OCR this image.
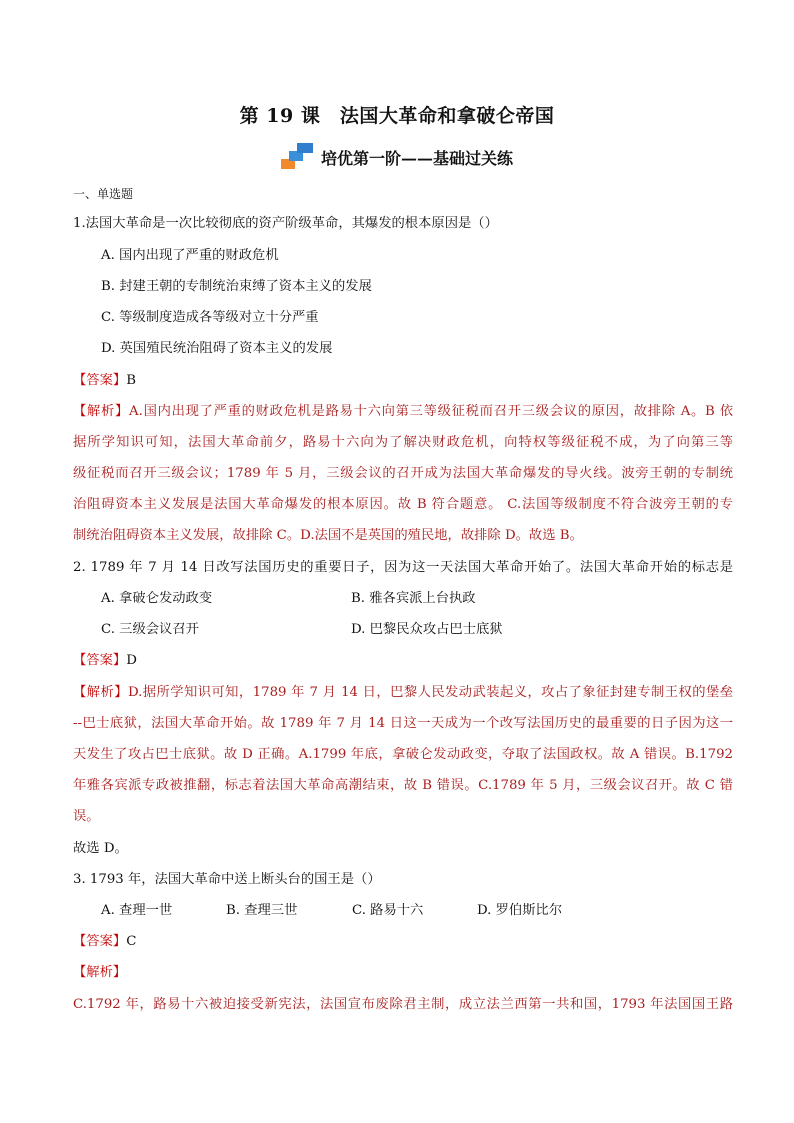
第 19 课　法国大革命和拿破仑帝国
培优第一阶——基础过关练
一、单选题
1.法国大革命是一次比较彻底的资产阶级革命，其爆发的根本原因是（）
A. 国内出现了严重的财政危机
B. 封建王朝的专制统治束缚了资本主义的发展
C. 等级制度造成各等级对立十分严重
D. 英国殖民统治阻碍了资本主义的发展
【答案】B
【解析】A.国内出现了严重的财政危机是路易十六向第三等级征税而召开三级会议的原因，故排除 A。B 依
据所学知识可知，法国大革命前夕，路易十六向为了解决财政危机，向特权等级征税不成，为了向第三等
级征税而召开三级会议；1789 年 5 月，三级会议的召开成为法国大革命爆发的导火线。波旁王朝的专制统
治阻碍资本主义发展是法国大革命爆发的根本原因。故 B 符合题意。 C.法国等级制度不符合波旁王朝的专
制统治阻碍资本主义发展，故排除 C。D.法国不是英国的殖民地，故排除 D。故选 B。
2. 1789 年 7 月 14 日改写法国历史的重要日子，因为这一天法国大革命开始了。法国大革命开始的标志是
A. 拿破仑发动政变	B. 雅各宾派上台执政
C. 三级会议召开	D. 巴黎民众攻占巴士底狱
【答案】D
【解析】D.据所学知识可知，1789 年 7 月 14 日，巴黎人民发动武装起义，攻占了象征封建专制王权的堡垒
--巴士底狱，法国大革命开始。故 1789 年 7 月 14 日这一天成为一个改写法国历史的最重要的日子因为这一
天发生了攻占巴士底狱。故 D 正确。A.1799 年底，拿破仑发动政变，夺取了法国政权。故 A 错误。B.1792
年雅各宾派专政被推翻，标志着法国大革命高潮结束，故 B 错误。C.1789 年 5 月，三级会议召开。故 C 错
误。
故选 D。
3. 1793 年，法国大革命中送上断头台的国王是（）
A. 查理一世	B. 查理三世	C. 路易十六	D. 罗伯斯比尔
【答案】C
【解析】
C.1792 年，路易十六被迫接受新宪法，法国宣布废除君主制，成立法兰西第一共和国，1793 年法国国王路
